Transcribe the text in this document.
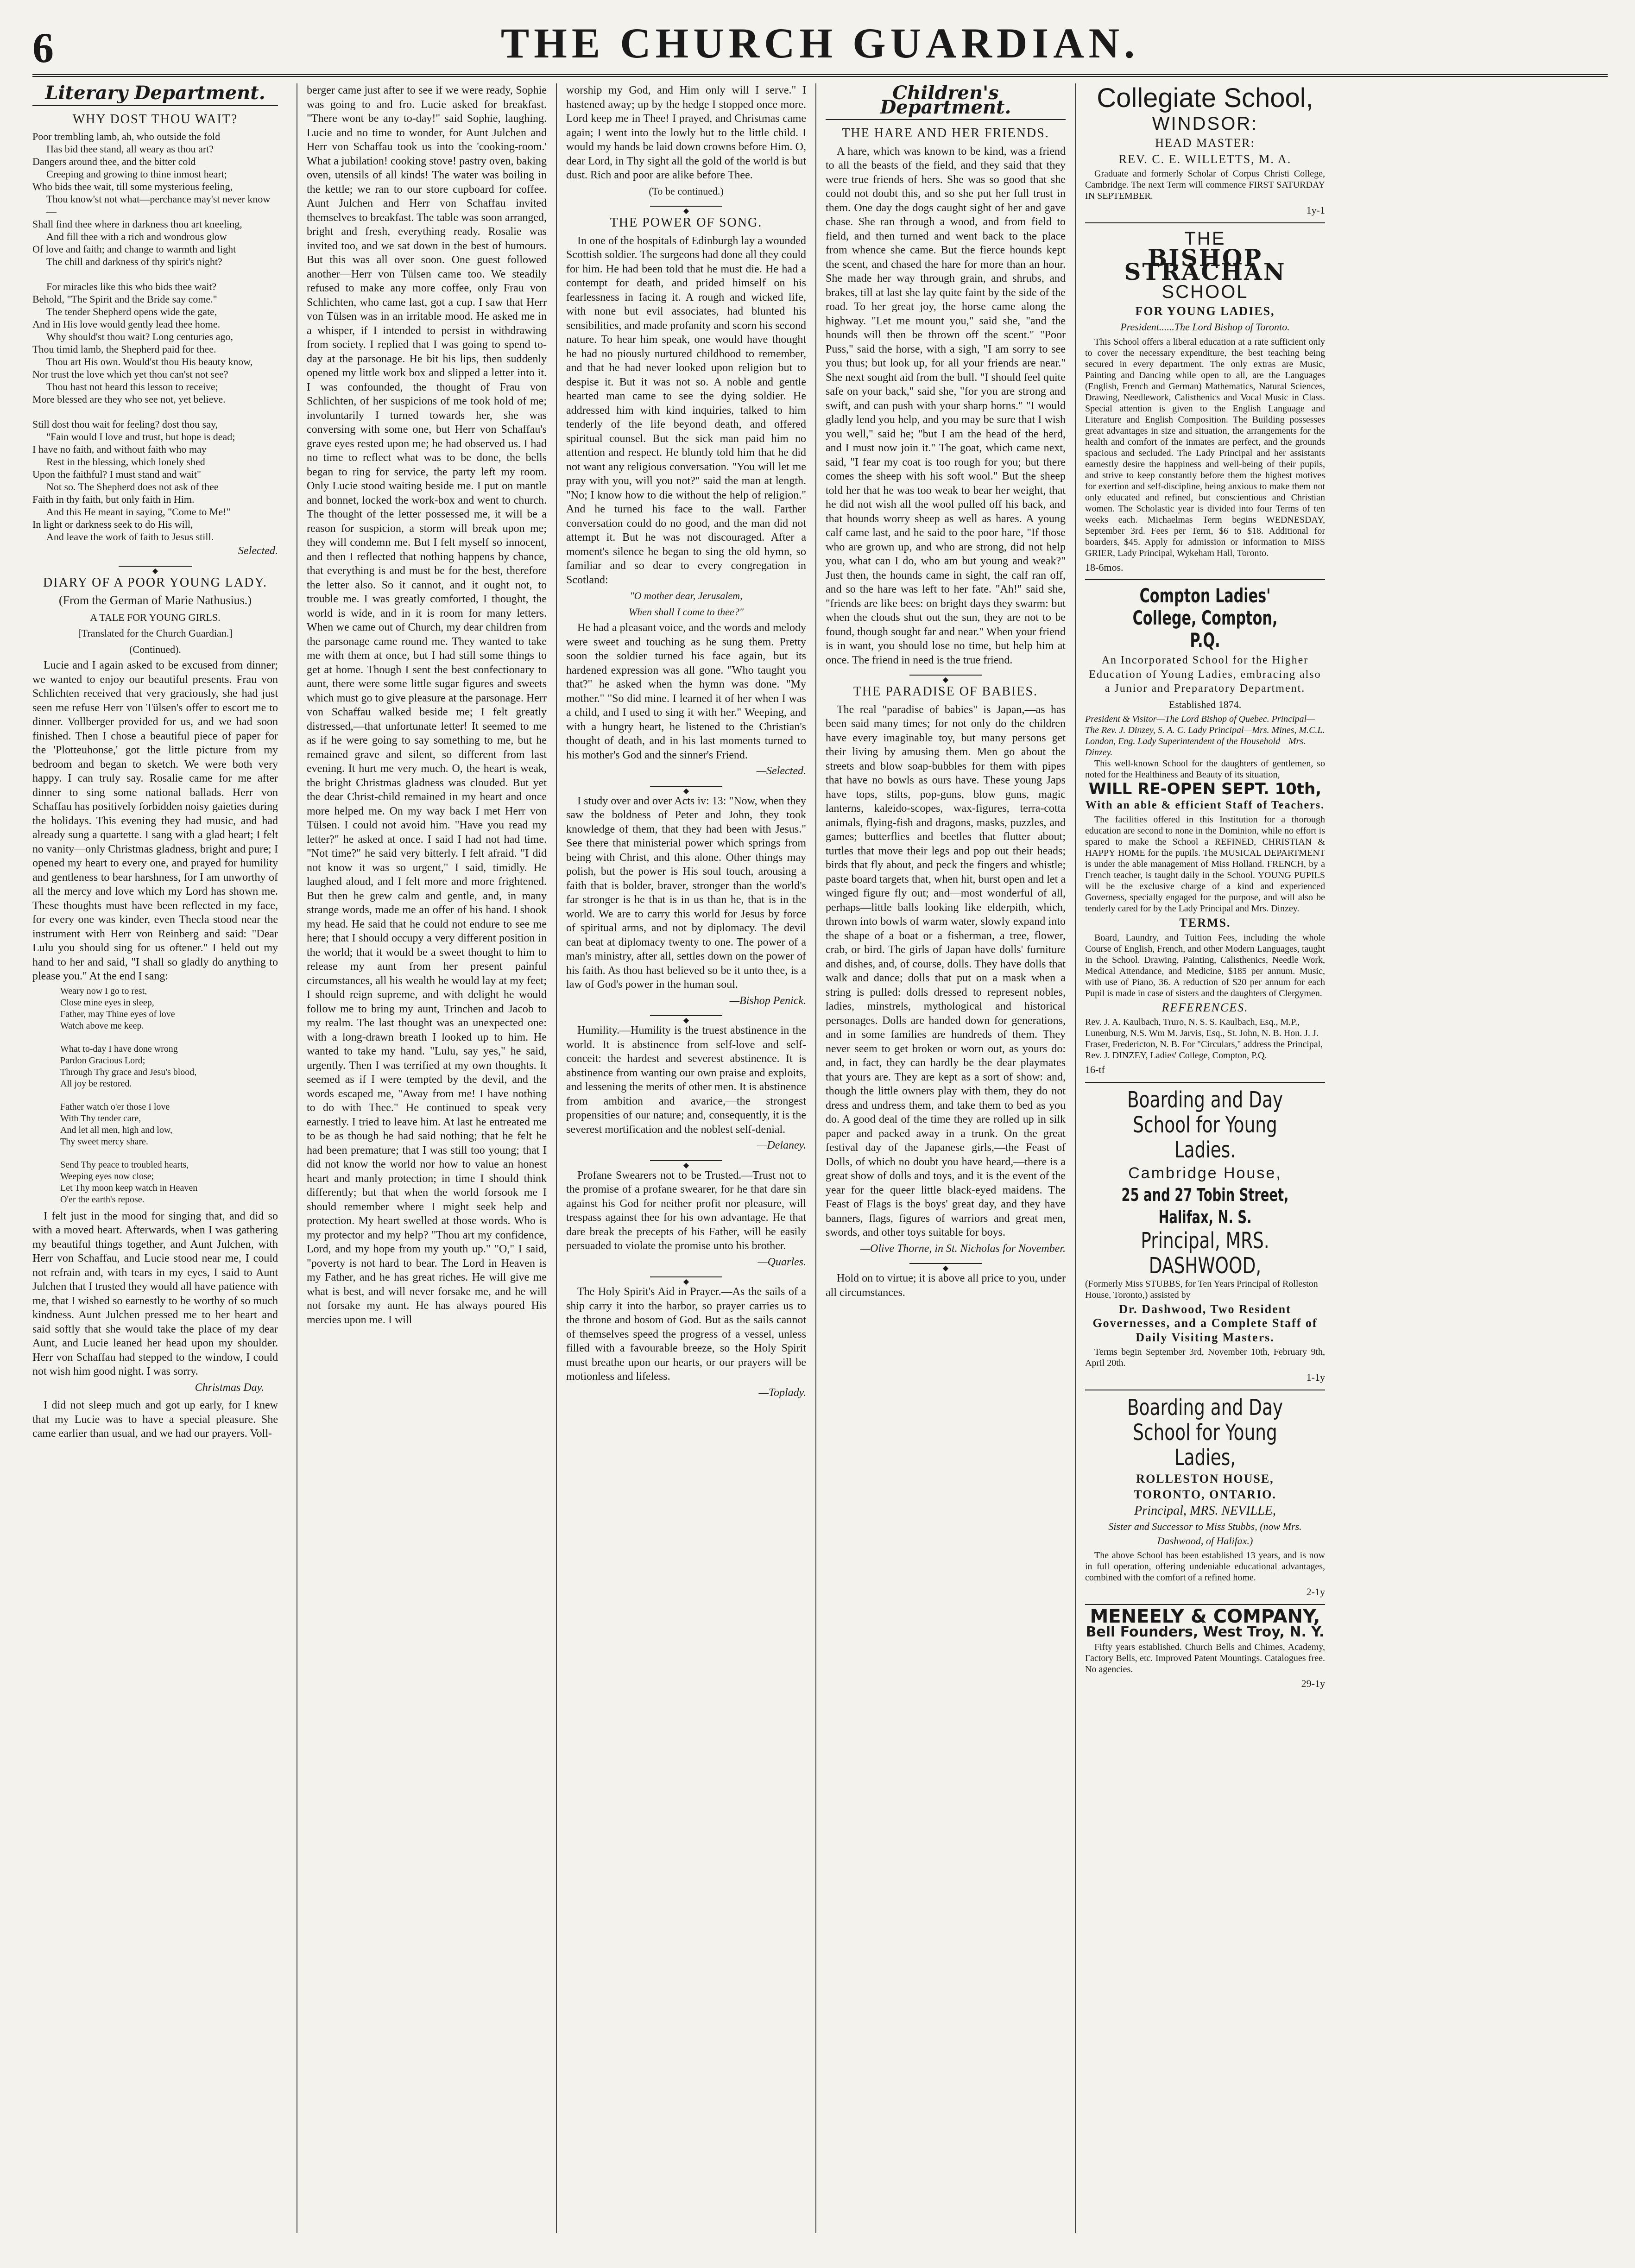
6	THE CHURCH GUARDIAN.
Literary Department.
WHY DOST THOU WAIT?

Poor trembling lamb, ah, who outside the fold

Has bid thee stand, all weary as thou art?

Dangers around thee, and the bitter cold

Creeping and growing to thine inmost heart;

Who bids thee wait, till some mysterious feeling,

Thou know'st not what—perchance may'st never know—

Shall find thee where in darkness thou art kneeling,

And fill thee with a rich and wondrous glow

Of love and faith; and change to warmth and light

The chill and darkness of thy spirit's night?

For miracles like this who bids thee wait?

Behold, "The Spirit and the Bride say come."

The tender Shepherd opens wide the gate,

And in His love would gently lead thee home.

Why should'st thou wait? Long centuries ago,

Thou timid lamb, the Shepherd paid for thee.

Thou art His own. Would'st thou His beauty know,

Nor trust the love which yet thou can'st not see?

Thou hast not heard this lesson to receive;

More blessed are they who see not, yet believe.

Still dost thou wait for feeling? dost thou say,

"Fain would I love and trust, but hope is dead;

I have no faith, and without faith who may

Rest in the blessing, which lonely shed

Upon the faithful? I must stand and wait"

Not so. The Shepherd does not ask of thee

Faith in thy faith, but only faith in Him.

And this He meant in saying, "Come to Me!"

In light or darkness seek to do His will,

And leave the work of faith to Jesus still.

Selected.
◆
DIARY OF A POOR YOUNG LADY.
(From the German of Marie Nathusius.)
A TALE FOR YOUNG GIRLS.
[Translated for the Church Guardian.]
(Continued).

Lucie and I again asked to be excused from dinner; we wanted to enjoy our beautiful presents. Frau von Schlichten received that very graciously, she had just seen me refuse Herr von Tülsen's offer to escort me to dinner. Vollberger provided for us, and we had soon finished. Then I chose a beautiful piece of paper for the 'Plotteuhonse,' got the little picture from my bedroom and began to sketch. We were both very happy. I can truly say. Rosalie came for me after dinner to sing some national ballads. Herr von Schaffau has positively forbidden noisy gaieties during the holidays. This evening they had music, and had already sung a quartette. I sang with a glad heart; I felt no vanity—only Christmas gladness, bright and pure; I opened my heart to every one, and prayed for humility and gentleness to bear harshness, for I am unworthy of all the mercy and love which my Lord has shown me. These thoughts must have been reflected in my face, for every one was kinder, even Thecla stood near the instrument with Herr von Reinberg and said: "Dear Lulu you should sing for us oftener." I held out my hand to her and said, "I shall so gladly do anything to please you." At the end I sang:

Weary now I go to rest,

Close mine eyes in sleep,

Father, may Thine eyes of love

Watch above me keep.

What to-day I have done wrong

Pardon Gracious Lord;

Through Thy grace and Jesu's blood,

All joy be restored.

Father watch o'er those I love

With Thy tender care,

And let all men, high and low,

Thy sweet mercy share.

Send Thy peace to troubled hearts,

Weeping eyes now close;

Let Thy moon keep watch in Heaven

O'er the earth's repose.

I felt just in the mood for singing that, and did so with a moved heart. Afterwards, when I was gathering my beautiful things together, and Aunt Julchen, with Herr von Schaffau, and Lucie stood near me, I could not refrain and, with tears in my eyes, I said to Aunt Julchen that I trusted they would all have patience with me, that I wished so earnestly to be worthy of so much kindness. Aunt Julchen pressed me to her heart and said softly that she would take the place of my dear Aunt, and Lucie leaned her head upon my shoulder. Herr von Schaffau had stepped to the window, I could not wish him good night. I was sorry.

Christmas Day.

I did not sleep much and got up early, for I knew that my Lucie was to have a special pleasure. She came earlier than usual, and we had our prayers. Voll-

berger came just after to see if we were ready, Sophie was going to and fro. Lucie asked for breakfast. "There wont be any to-day!" said Sophie, laughing. Lucie and no time to wonder, for Aunt Julchen and Herr von Schaffau took us into the 'cooking-room.' What a jubilation! cooking stove! pastry oven, baking oven, utensils of all kinds! The water was boiling in the kettle; we ran to our store cupboard for coffee. Aunt Julchen and Herr von Schaffau invited themselves to breakfast. The table was soon arranged, bright and fresh, everything ready. Rosalie was invited too, and we sat down in the best of humours. But this was all over soon. One guest followed another—Herr von Tülsen came too. We steadily refused to make any more coffee, only Frau von Schlichten, who came last, got a cup. I saw that Herr von Tülsen was in an irritable mood. He asked me in a whisper, if I intended to persist in withdrawing from society. I replied that I was going to spend to-day at the parsonage. He bit his lips, then suddenly opened my little work box and slipped a letter into it. I was confounded, the thought of Frau von Schlichten, of her suspicions of me took hold of me; involuntarily I turned towards her, she was conversing with some one, but Herr von Schaffau's grave eyes rested upon me; he had observed us. I had no time to reflect what was to be done, the bells began to ring for service, the party left my room. Only Lucie stood waiting beside me. I put on mantle and bonnet, locked the work-box and went to church. The thought of the letter possessed me, it will be a reason for suspicion, a storm will break upon me; they will condemn me. But I felt myself so innocent, and then I reflected that nothing happens by chance, that everything is and must be for the best, therefore the letter also. So it cannot, and it ought not, to trouble me. I was greatly comforted, I thought, the world is wide, and in it is room for many letters. When we came out of Church, my dear children from the parsonage came round me. They wanted to take me with them at once, but I had still some things to get at home. Though I sent the best confectionary to aunt, there were some little sugar figures and sweets which must go to give pleasure at the parsonage. Herr von Schaffau walked beside me; I felt greatly distressed,—that unfortunate letter! It seemed to me as if he were going to say something to me, but he remained grave and silent, so different from last evening. It hurt me very much. O, the heart is weak, the bright Christmas gladness was clouded. But yet the dear Christ-child remained in my heart and once more helped me. On my way back I met Herr von Tülsen. I could not avoid him. "Have you read my letter?" he asked at once. I said I had not had time. "Not time?" he said very bitterly. I felt afraid. "I did not know it was so urgent," I said, timidly. He laughed aloud, and I felt more and more frightened. But then he grew calm and gentle, and, in many strange words, made me an offer of his hand. I shook my head. He said that he could not endure to see me here; that I should occupy a very different position in the world; that it would be a sweet thought to him to release my aunt from her present painful circumstances, all his wealth he would lay at my feet; I should reign supreme, and with delight he would follow me to bring my aunt, Trinchen and Jacob to my realm. The last thought was an unexpected one: with a long-drawn breath I looked up to him. He wanted to take my hand. "Lulu, say yes," he said, urgently. Then I was terrified at my own thoughts. It seemed as if I were tempted by the devil, and the words escaped me, "Away from me! I have nothing to do with Thee." He continued to speak very earnestly. I tried to leave him. At last he entreated me to be as though he had said nothing; that he felt he had been premature; that I was still too young; that I did not know the world nor how to value an honest heart and manly protection; in time I should think differently; but that when the world forsook me I should remember where I might seek help and protection. My heart swelled at those words. Who is my protector and my help? "Thou art my confidence, Lord, and my hope from my youth up." "O," I said, "poverty is not hard to bear. The Lord in Heaven is my Father, and he has great riches. He will give me what is best, and will never forsake me, and he will not forsake my aunt. He has always poured His mercies upon me. I will

worship my God, and Him only will I serve." I hastened away; up by the hedge I stopped once more. Lord keep me in Thee! I prayed, and Christmas came again; I went into the lowly hut to the little child. I would my hands be laid down crowns before Him. O, dear Lord, in Thy sight all the gold of the world is but dust. Rich and poor are alike before Thee.

(To be continued.)
◆
THE POWER OF SONG.

In one of the hospitals of Edinburgh lay a wounded Scottish soldier. The surgeons had done all they could for him. He had been told that he must die. He had a contempt for death, and prided himself on his fearlessness in facing it. A rough and wicked life, with none but evil associates, had blunted his sensibilities, and made profanity and scorn his second nature. To hear him speak, one would have thought he had no piously nurtured childhood to remember, and that he had never looked upon religion but to despise it. But it was not so. A noble and gentle hearted man came to see the dying soldier. He addressed him with kind inquiries, talked to him tenderly of the life beyond death, and offered spiritual counsel. But the sick man paid him no attention and respect. He bluntly told him that he did not want any religious conversation. "You will let me pray with you, will you not?" said the man at length. "No; I know how to die without the help of religion." And he turned his face to the wall. Farther conversation could do no good, and the man did not attempt it. But he was not discouraged. After a moment's silence he began to sing the old hymn, so familiar and so dear to every congregation in Scotland:

"O mother dear, Jerusalem,
When shall I come to thee?"

He had a pleasant voice, and the words and melody were sweet and touching as he sung them. Pretty soon the soldier turned his face again, but its hardened expression was all gone. "Who taught you that?" he asked when the hymn was done. "My mother." "So did mine. I learned it of her when I was a child, and I used to sing it with her." Weeping, and with a hungry heart, he listened to the Christian's thought of death, and in his last moments turned to his mother's God and the sinner's Friend.

—Selected.
◆

I study over and over Acts iv: 13: "Now, when they saw the boldness of Peter and John, they took knowledge of them, that they had been with Jesus." See there that ministerial power which springs from being with Christ, and this alone. Other things may polish, but the power is His soul touch, arousing a faith that is bolder, braver, stronger than the world's far stronger is he that is in us than he, that is in the world. We are to carry this world for Jesus by force of spiritual arms, and not by diplomacy. The devil can beat at diplomacy twenty to one. The power of a man's ministry, after all, settles down on the power of his faith. As thou hast believed so be it unto thee, is a law of God's power in the human soul.

—Bishop Penick.
◆

Humility.—Humility is the truest abstinence in the world. It is abstinence from self-love and self-conceit: the hardest and severest abstinence. It is abstinence from wanting our own praise and exploits, and lessening the merits of other men. It is abstinence from ambition and avarice,—the strongest propensities of our nature; and, consequently, it is the severest mortification and the noblest self-denial.

—Delaney.
◆

Profane Swearers not to be Trusted.—Trust not to the promise of a profane swearer, for he that dare sin against his God for neither profit nor pleasure, will trespass against thee for his own advantage. He that dare break the precepts of his Father, will be easily persuaded to violate the promise unto his brother.

—Quarles.
◆

The Holy Spirit's Aid in Prayer.—As the sails of a ship carry it into the harbor, so prayer carries us to the throne and bosom of God. But as the sails cannot of themselves speed the progress of a vessel, unless filled with a favourable breeze, so the Holy Spirit must breathe upon our hearts, or our prayers will be motionless and lifeless.

—Toplady.
Children's Department.
THE HARE AND HER FRIENDS.

A hare, which was known to be kind, was a friend to all the beasts of the field, and they said that they were true friends of hers. She was so good that she could not doubt this, and so she put her full trust in them. One day the dogs caught sight of her and gave chase. She ran through a wood, and from field to field, and then turned and went back to the place from whence she came. But the fierce hounds kept the scent, and chased the hare for more than an hour. She made her way through grain, and shrubs, and brakes, till at last she lay quite faint by the side of the road. To her great joy, the horse came along the highway. "Let me mount you," said she, "and the hounds will then be thrown off the scent." "Poor Puss," said the horse, with a sigh, "I am sorry to see you thus; but look up, for all your friends are near." She next sought aid from the bull. "I should feel quite safe on your back," said she, "for you are strong and swift, and can push with your sharp horns." "I would gladly lend you help, and you may be sure that I wish you well," said he; "but I am the head of the herd, and I must now join it." The goat, which came next, said, "I fear my coat is too rough for you; but there comes the sheep with his soft wool." But the sheep told her that he was too weak to bear her weight, that he did not wish all the wool pulled off his back, and that hounds worry sheep as well as hares. A young calf came last, and he said to the poor hare, "If those who are grown up, and who are strong, did not help you, what can I do, who am but young and weak?" Just then, the hounds came in sight, the calf ran off, and so the hare was left to her fate. "Ah!" said she, "friends are like bees: on bright days they swarm: but when the clouds shut out the sun, they are not to be found, though sought far and near." When your friend is in want, you should lose no time, but help him at once. The friend in need is the true friend.

◆
THE PARADISE OF BABIES.

The real "paradise of babies" is Japan,—as has been said many times; for not only do the children have every imaginable toy, but many persons get their living by amusing them. Men go about the streets and blow soap-bubbles for them with pipes that have no bowls as ours have. These young Japs have tops, stilts, pop-guns, blow guns, magic lanterns, kaleido-scopes, wax-figures, terra-cotta animals, flying-fish and dragons, masks, puzzles, and games; butterflies and beetles that flutter about; turtles that move their legs and pop out their heads; birds that fly about, and peck the fingers and whistle; paste board targets that, when hit, burst open and let a winged figure fly out; and—most wonderful of all, perhaps—little balls looking like elderpith, which, thrown into bowls of warm water, slowly expand into the shape of a boat or a fisherman, a tree, flower, crab, or bird. The girls of Japan have dolls' furniture and dishes, and, of course, dolls. They have dolls that walk and dance; dolls that put on a mask when a string is pulled: dolls dressed to represent nobles, ladies, minstrels, mythological and historical personages. Dolls are handed down for generations, and in some families are hundreds of them. They never seem to get broken or worn out, as yours do: and, in fact, they can hardly be the dear playmates that yours are. They are kept as a sort of show: and, though the little owners play with them, they do not dress and undress them, and take them to bed as you do. A good deal of the time they are rolled up in silk paper and packed away in a trunk. On the great festival day of the Japanese girls,—the Feast of Dolls, of which no doubt you have heard,—there is a great show of dolls and toys, and it is the event of the year for the queer little black-eyed maidens. The Feast of Flags is the boys' great day, and they have banners, flags, figures of warriors and great men, swords, and other toys suitable for boys.

—Olive Thorne, in St. Nicholas for November.
◆

Hold on to virtue; it is above all price to you, under all circumstances.

Collegiate School,
WINDSOR:
HEAD MASTER:
REV. C. E. WILLETTS, M. A.

Graduate and formerly Scholar of Corpus Christi College, Cambridge. The next Term will commence FIRST SATURDAY IN SEPTEMBER.

1y-1
THE
BISHOP STRACHAN
SCHOOL
FOR YOUNG LADIES,
President......The Lord Bishop of Toronto.

This School offers a liberal education at a rate sufficient only to cover the necessary expenditure, the best teaching being secured in every department. The only extras are Music, Painting and Dancing while open to all, are the Languages (English, French and German) Mathematics, Natural Sciences, Drawing, Needlework, Calisthenics and Vocal Music in Class. Special attention is given to the English Language and Literature and English Composition. The Building possesses great advantages in size and situation, the arrangements for the health and comfort of the inmates are perfect, and the grounds spacious and secluded. The Lady Principal and her assistants earnestly desire the happiness and well-being of their pupils, and strive to keep constantly before them the highest motives for exertion and self-discipline, being anxious to make them not only educated and refined, but conscientious and Christian women. The Scholastic year is divided into four Terms of ten weeks each. Michaelmas Term begins WEDNESDAY, September 3rd. Fees per Term, $6 to $18. Additional for boarders, $45. Apply for admission or information to MISS GRIER, Lady Principal, Wykeham Hall, Toronto.

18-6mos.
Compton Ladies' College, Compton, P.Q.
An Incorporated School for the Higher Education of Young Ladies, embracing also a Junior and Preparatory Department.
Established 1874.

President & Visitor—The Lord Bishop of Quebec. Principal—The Rev. J. Dinzey, S. A. C. Lady Principal—Mrs. Mines, M.C.L. London, Eng. Lady Superintendent of the Household—Mrs. Dinzey.

This well-known School for the daughters of gentlemen, so noted for the Healthiness and Beauty of its situation,

WILL RE-OPEN SEPT. 10th,
With an able & efficient Staff of Teachers.

The facilities offered in this Institution for a thorough education are second to none in the Dominion, while no effort is spared to make the School a REFINED, CHRISTIAN & HAPPY HOME for the pupils. The MUSICAL DEPARTMENT is under the able management of Miss Holland. FRENCH, by a French teacher, is taught daily in the School. YOUNG PUPILS will be the exclusive charge of a kind and experienced Governess, specially engaged for the purpose, and will also be tenderly cared for by the Lady Principal and Mrs. Dinzey.

TERMS.

Board, Laundry, and Tuition Fees, including the whole Course of English, French, and other Modern Languages, taught in the School. Drawing, Painting, Calisthenics, Needle Work, Medical Attendance, and Medicine, $185 per annum. Music, with use of Piano, 36. A reduction of $20 per annum for each Pupil is made in case of sisters and the daughters of Clergymen.

REFERENCES.

Rev. J. A. Kaulbach, Truro, N. S. S. Kaulbach, Esq., M.P., Lunenburg, N.S. Wm M. Jarvis, Esq., St. John, N. B. Hon. J. J. Fraser, Fredericton, N. B. For "Circulars," address the Principal, Rev. J. DINZEY, Ladies' College, Compton, P.Q.

16-tf
Boarding and Day School for Young Ladies.
Cambridge House,
25 and 27 Tobin Street, Halifax, N. S.
Principal, MRS. DASHWOOD,

(Formerly Miss STUBBS, for Ten Years Principal of Rolleston House, Toronto,) assisted by

Dr. Dashwood, Two Resident Governesses, and a Complete Staff of Daily Visiting Masters.

Terms begin September 3rd, November 10th, February 9th, April 20th.

1-1y
Boarding and Day School for Young Ladies,
ROLLESTON HOUSE,
TORONTO, ONTARIO.
Principal, MRS. NEVILLE,
Sister and Successor to Miss Stubbs, (now Mrs. Dashwood, of Halifax.)

The above School has been established 13 years, and is now in full operation, offering undeniable educational advantages, combined with the comfort of a refined home.

2-1y
MENEELY & COMPANY,
Bell Founders, West Troy, N. Y.

Fifty years established. Church Bells and Chimes, Academy, Factory Bells, etc. Improved Patent Mountings. Catalogues free. No agencies.

29-1y
